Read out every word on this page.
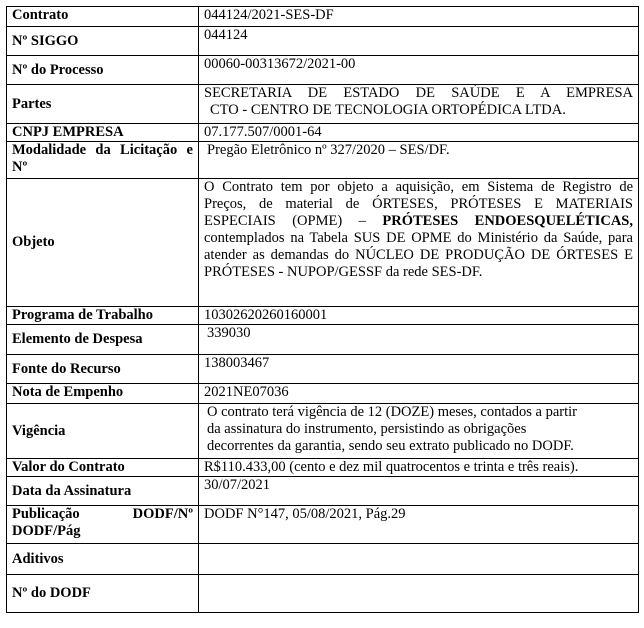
Contrato	044124/2021-SES-DF
Nº SIGGO	044124
Nº do Processo	00060-00313672/2021-00
Partes	SECRETARIA DE ESTADO DE SAÚDE E A EMPRESA
CTO - CENTRO DE TECNOLOGIA ORTOPÉDICA LTDA.

CNPJ EMPRESA	07.177.507/0001-64

Modalidade da Licitação e
Nº	Pregão Eletrônico nº 327/2020 – SES/DF.
Objeto	O Contrato tem por objeto a aquisição, em Sistema de Registro de Preços, de material de ÓRTESES, PRÓTESES E MATERIAIS ESPECIAIS (OPME) – PRÓTESES ENDOESQUELÉTICAS, contemplados na Tabela SUS DE OPME do Ministério da Saúde, para atender as demandas do NÚCLEO DE PRODUÇÃO DE ÓRTESES E PRÓTESES - NUPOP/GESSF da rede SES-DF.
Programa de Trabalho	10302620260160001
Elemento de Despesa	339030
Fonte do Recurso	138003467
Nota de Empenho	2021NE07036
Vigência	O contrato terá vigência de 12 (DOZE) meses, contados a partir
da assinatura do instrumento, persistindo as obrigações
decorrentes da garantia, sendo seu extrato publicado no DODF.

Valor do Contrato	R$110.433,00 (cento e dez mil quatrocentos e trinta e três reais).
Data da Assinatura	30/07/2021

Publicação DODF/Nº
DODF/Pág	DODF N°147, 05/08/2021, Pág.29
Aditivos	
Nº do DODF	
